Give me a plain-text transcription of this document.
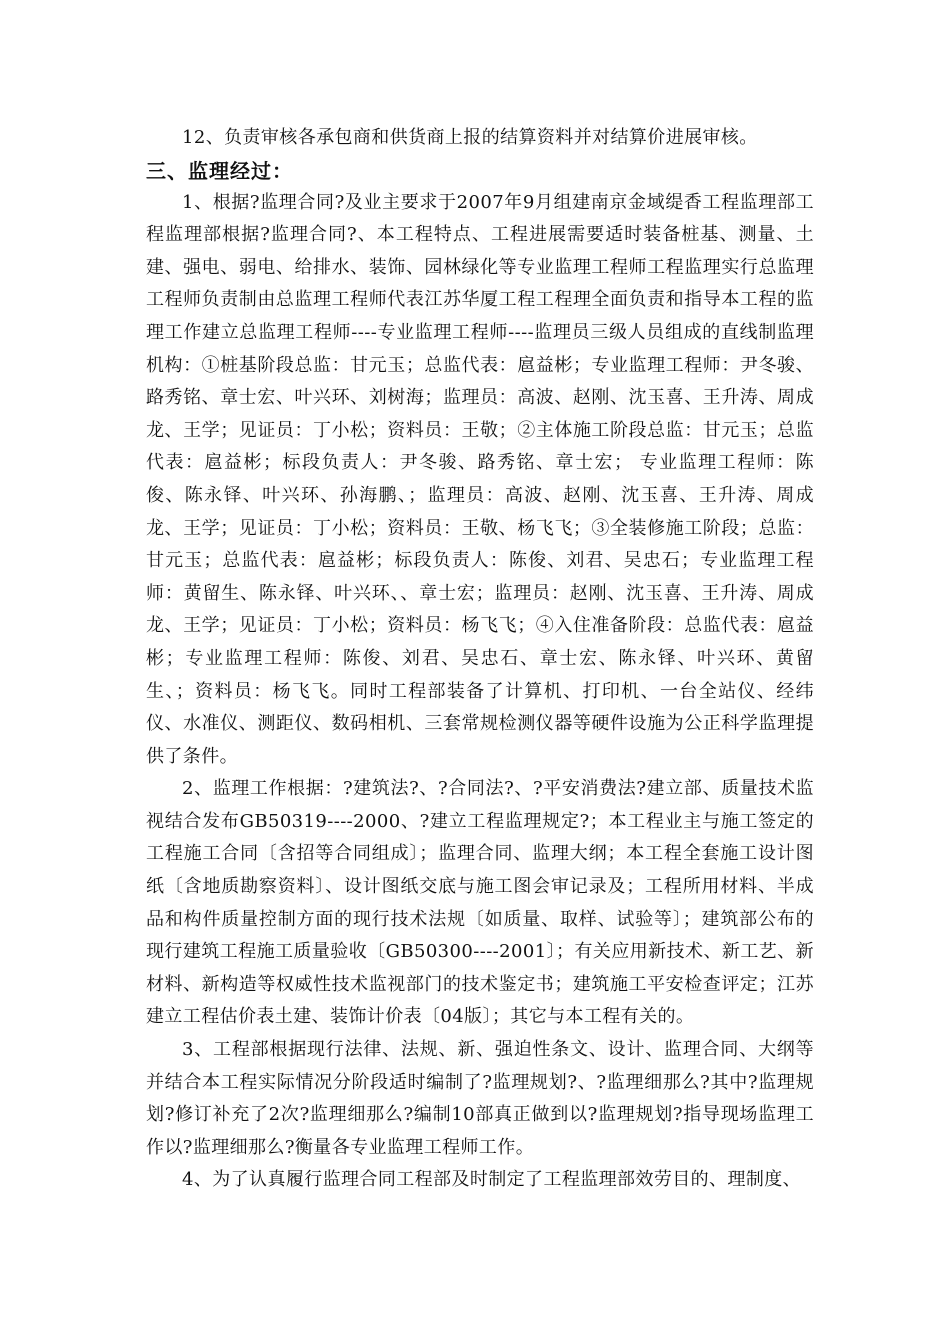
12、负责审核各承包商和供货商上报的结算资料并对结算价进展审核。

三、监理经过：

1、根据?监理合同?及业主要求于2007年9月组建南京金域缇香工程监理部工程监理部根据?监理合同?、本工程特点、工程进展需要适时装备桩基、测量、土建、强电、弱电、给排水、装饰、园林绿化等专业监理工程师工程监理实行总监理工程师负责制由总监理工程师代表江苏华厦工程工程理全面负责和指导本工程的监理工作建立总监理工程师----专业监理工程师----监理员三级人员组成的直线制监理机构：①桩基阶段总监：甘元玉；总监代表：扈益彬；专业监理工程师：尹冬骏、路秀铭、章士宏、叶兴环、刘树海；监理员：高波、赵刚、沈玉喜、王升涛、周成龙、王学；见证员：丁小松；资料员：王敬；②主体施工阶段总监：甘元玉；总监代表：扈益彬；标段负责人：尹冬骏、路秀铭、章士宏； 专业监理工程师：陈俊、陈永铎、叶兴环、孙海鹏、；监理员：高波、赵刚、沈玉喜、王升涛、周成龙、王学；见证员：丁小松；资料员：王敬、杨飞飞；③全装修施工阶段；总监：甘元玉；总监代表：扈益彬；标段负责人：陈俊、刘君、吴忠石；专业监理工程师：黄留生、陈永铎、叶兴环、、章士宏；监理员：赵刚、沈玉喜、王升涛、周成龙、王学；见证员：丁小松；资料员：杨飞飞；④入住准备阶段：总监代表：扈益彬；专业监理工程师：陈俊、刘君、吴忠石、章士宏、陈永铎、叶兴环、黄留生、；资料员：杨飞飞。同时工程部装备了计算机、打印机、一台全站仪、经纬仪、水准仪、测距仪、数码相机、三套常规检测仪器等硬件设施为公正科学监理提供了条件。

2、监理工作根据：?建筑法?、?合同法?、?平安消费法?建立部、质量技术监视结合发布GB50319----2000、?建立工程监理规定?；本工程业主与施工签定的工程施工合同〔含招等合同组成〕；监理合同、监理大纲；本工程全套施工设计图纸〔含地质勘察资料〕、设计图纸交底与施工图会审记录及；工程所用材料、半成品和构件质量控制方面的现行技术法规〔如质量、取样、试验等〕；建筑部公布的现行建筑工程施工质量验收〔GB50300----2001〕；有关应用新技术、新工艺、新材料、新构造等权威性技术监视部门的技术鉴定书；建筑施工平安检查评定；江苏建立工程估价表土建、装饰计价表〔04版〕；其它与本工程有关的。

3、工程部根据现行法律、法规、新、强迫性条文、设计、监理合同、大纲等并结合本工程实际情况分阶段适时编制了?监理规划?、?监理细那么?其中?监理规划?修订补充了2次?监理细那么?编制10部真正做到以?监理规划?指导现场监理工作以?监理细那么?衡量各专业监理工程师工作。

4、为了认真履行监理合同工程部及时制定了工程监理部效劳目的、理制度、
